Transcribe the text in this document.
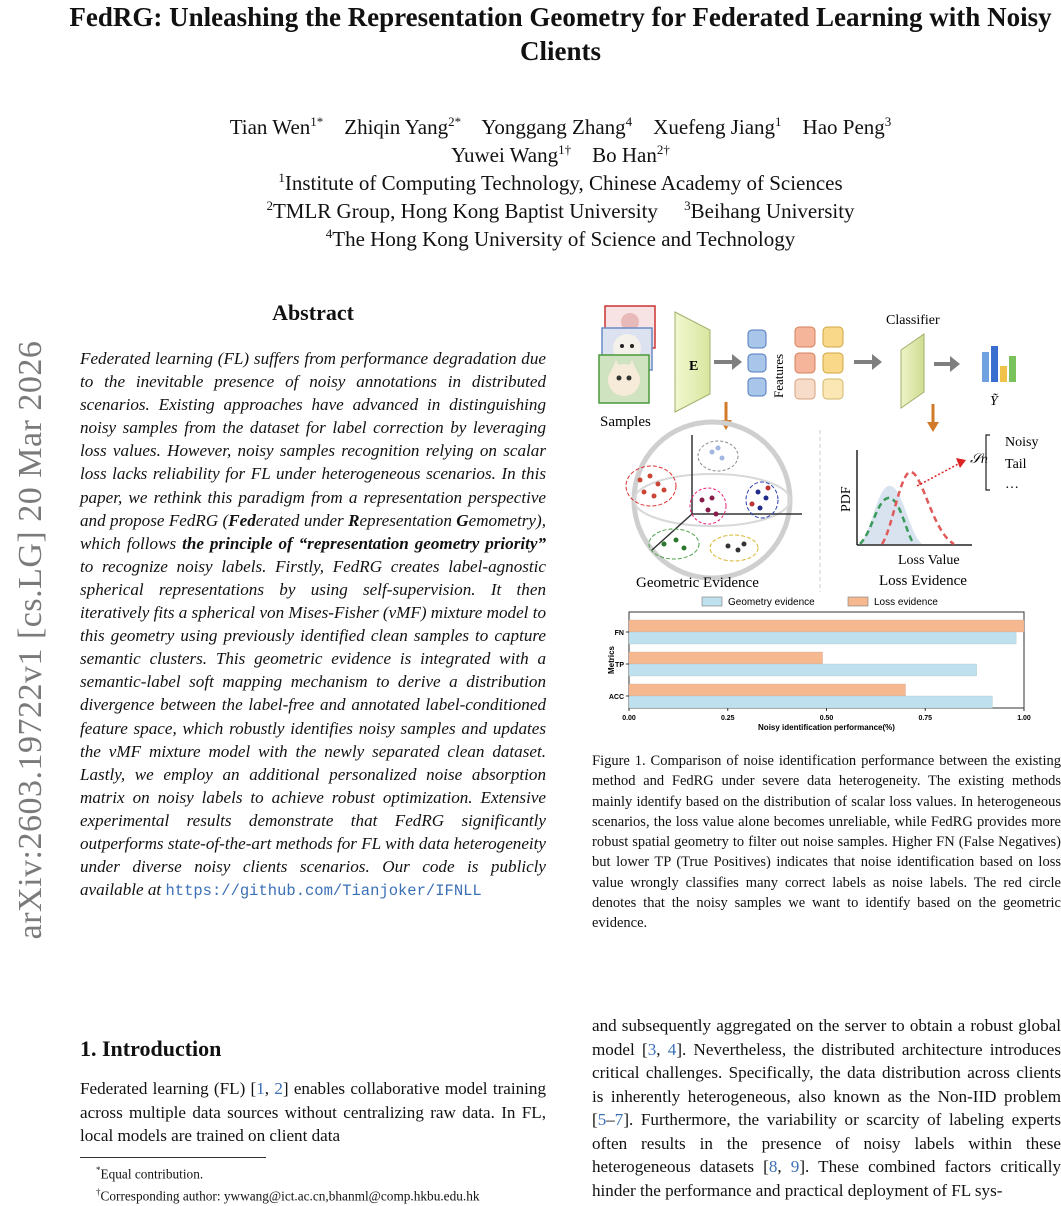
arXiv:2603.19722v1 [cs.LG] 20 Mar 2026
FedRG: Unleashing the Representation Geometry for Federated Learning with Noisy Clients
Tian Wen$^{1*}$ Zhiqin Yang$^{2*}$ Yonggang Zhang$^4$ Xuefeng Jiang$^1$ Hao Peng$^3$
Yuwei Wang$^{1\dagger}$ Bo Han$^{2\dagger}$
$^1$Institute of Computing Technology, Chinese Academy of Sciences
$^2$TMLR Group, Hong Kong Baptist University $^3$Beihang University
$^4$The Hong Kong University of Science and Technology
Abstract
Federated learning (FL) suffers from performance degradation due to the inevitable presence of noisy annotations in distributed scenarios. Existing approaches have advanced in distinguishing noisy samples from the dataset for label correction by leveraging loss values. However, noisy samples recognition relying on scalar loss lacks reliability for FL under heterogeneous scenarios. In this paper, we rethink this paradigm from a representation perspective and propose FedRG (Federated under Representation Gemometry), which follows the principle of “representation geometry priority” to recognize noisy labels. Firstly, FedRG creates label-agnostic spherical representations by using self-supervision. It then iteratively fits a spherical von Mises-Fisher (vMF) mixture model to this geometry using previously identified clean samples to capture semantic clusters. This geometric evidence is integrated with a semantic-label soft mapping mechanism to derive a distribution divergence between the label-free and annotated label-conditioned feature space, which robustly identifies noisy samples and updates the vMF mixture model with the newly separated clean dataset. Lastly, we employ an additional personalized noise absorption matrix on noisy labels to achieve robust optimization. Extensive experimental results demonstrate that FedRG significantly outperforms state-of-the-art methods for FL with data heterogeneity under diverse noisy clients scenarios. Our code is publicly available at https://github.com/Tianjoker/IFNLL
1. Introduction
Federated learning (FL) [1, 2] enables collaborative model training across multiple data sources without centralizing raw data. In FL, local models are trained on client data
*Equal contribution.
†Corresponding author: ywwang@ict.ac.cn,bhanml@comp.hkbu.edu.hk
Samples
E	Features
Classifier
Ỹ
Geometric Evidence
PDF
Loss Value
Loss Evidence
𝒮n
Noisy
Tail
…
Geometry evidence	Loss evidence
FN
TP
ACC
0.00	0.25	0.50	0.75	1.00
Noisy identification performance(%)
Metrics
Figure 1. Comparison of noise identification performance between the existing method and FedRG under severe data heterogeneity. The existing methods mainly identify based on the distribution of scalar loss values. In heterogeneous scenarios, the loss value alone becomes unreliable, while FedRG provides more robust spatial geometry to filter out noise samples. Higher FN (False Negatives) but lower TP (True Positives) indicates that noise identification based on loss value wrongly classifies many correct labels as noise labels. The red circle denotes that the noisy samples we want to identify based on the geometric evidence.
and subsequently aggregated on the server to obtain a robust global model [3, 4]. Nevertheless, the distributed architecture introduces critical challenges. Specifically, the data distribution across clients is inherently heterogeneous, also known as the Non-IID problem [5–7]. Furthermore, the variability or scarcity of labeling experts often results in the presence of noisy labels within these heterogeneous datasets [8, 9]. These combined factors critically hinder the performance and practical deployment of FL sys-
